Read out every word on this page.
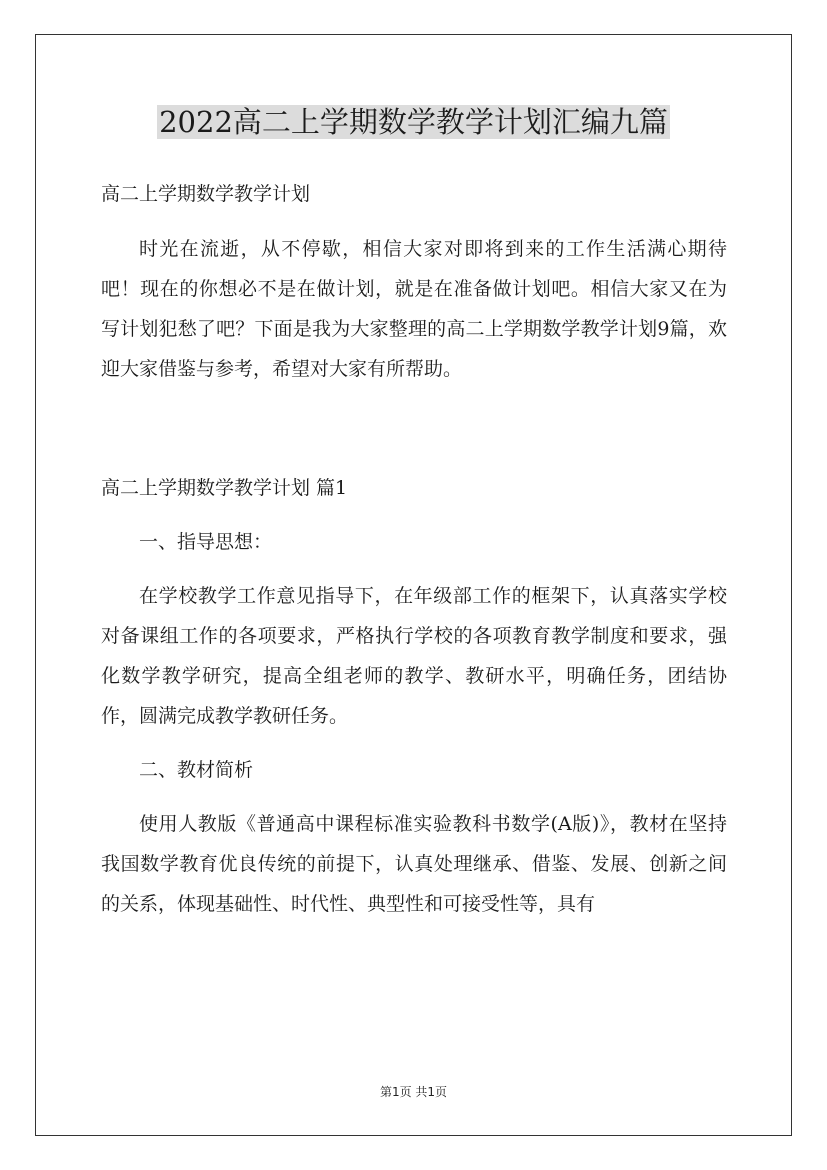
2022高二上学期数学教学计划汇编九篇

高二上学期数学教学计划

时光在流逝，从不停歇，相信大家对即将到来的工作生活满心期待吧！现在的你想必不是在做计划，就是在准备做计划吧。相信大家又在为写计划犯愁了吧？下面是我为大家整理的高二上学期数学教学计划9篇，欢迎大家借鉴与参考，希望对大家有所帮助。

高二上学期数学教学计划 篇1

一、指导思想：

在学校教学工作意见指导下，在年级部工作的框架下，认真落实学校对备课组工作的各项要求，严格执行学校的各项教育教学制度和要求，强化数学教学研究，提高全组老师的教学、教研水平，明确任务，团结协作，圆满完成教学教研任务。

二、教材简析

使用人教版《普通高中课程标准实验教科书数学(A版)》，教材在坚持我国数学教育优良传统的前提下，认真处理继承、借鉴、发展、创新之间的关系，体现基础性、时代性、典型性和可接受性等，具有

第1页 共1页
